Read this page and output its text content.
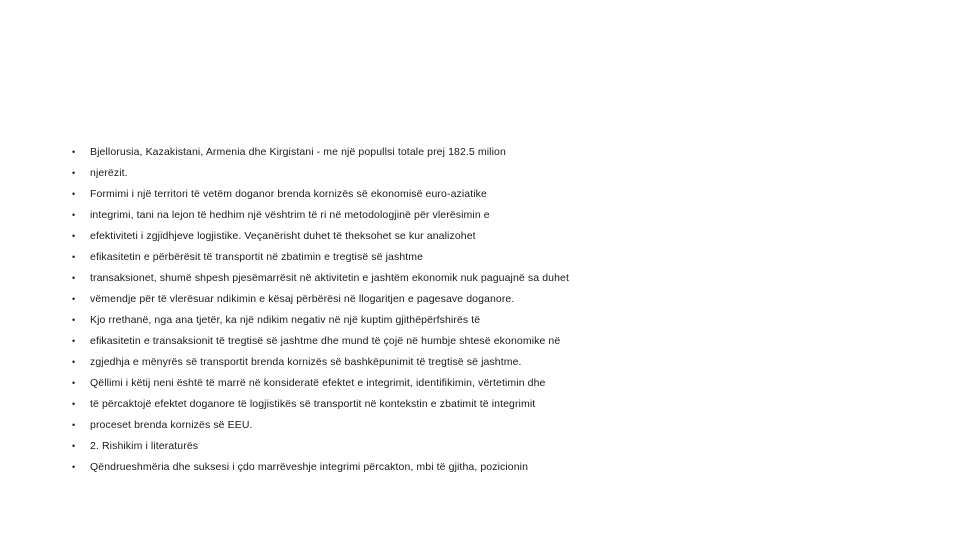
•	Bjellorusia, Kazakistani, Armenia dhe Kirgistani - me një popullsi totale prej 182.5 milion
•	njerëzit.
•	Formimi i një territori të vetëm doganor brenda kornizës së ekonomisë euro-aziatike
•	integrimi, tani na lejon të hedhim një vështrim të ri në metodologjinë për vlerësimin e
•	efektiviteti i zgjidhjeve logjistike. Veçanërisht duhet të theksohet se kur analizohet
•	efikasitetin e përbërësit të transportit në zbatimin e tregtisë së jashtme
•	transaksionet, shumë shpesh pjesëmarrësit në aktivitetin e jashtëm ekonomik nuk paguajnë sa duhet
•	vëmendje për të vlerësuar ndikimin e kësaj përbërësi në llogaritjen e pagesave doganore.
•	Kjo rrethanë, nga ana tjetër, ka një ndikim negativ në një kuptim gjithëpërfshirës të
•	efikasitetin e transaksionit të tregtisë së jashtme dhe mund të çojë në humbje shtesë ekonomike në
•	zgjedhja e mënyrës së transportit brenda kornizës së bashkëpunimit të tregtisë së jashtme.
•	Qëllimi i këtij neni është të marrë në konsideratë efektet e integrimit, identifikimin, vërtetimin dhe
•	të përcaktojë efektet doganore të logjistikës së transportit në kontekstin e zbatimit të integrimit
•	proceset brenda kornizës së EEU.
•	2. Rishikim i literaturës
•	Qëndrueshmëria dhe suksesi i çdo marrëveshje integrimi përcakton, mbi të gjitha, pozicionin
